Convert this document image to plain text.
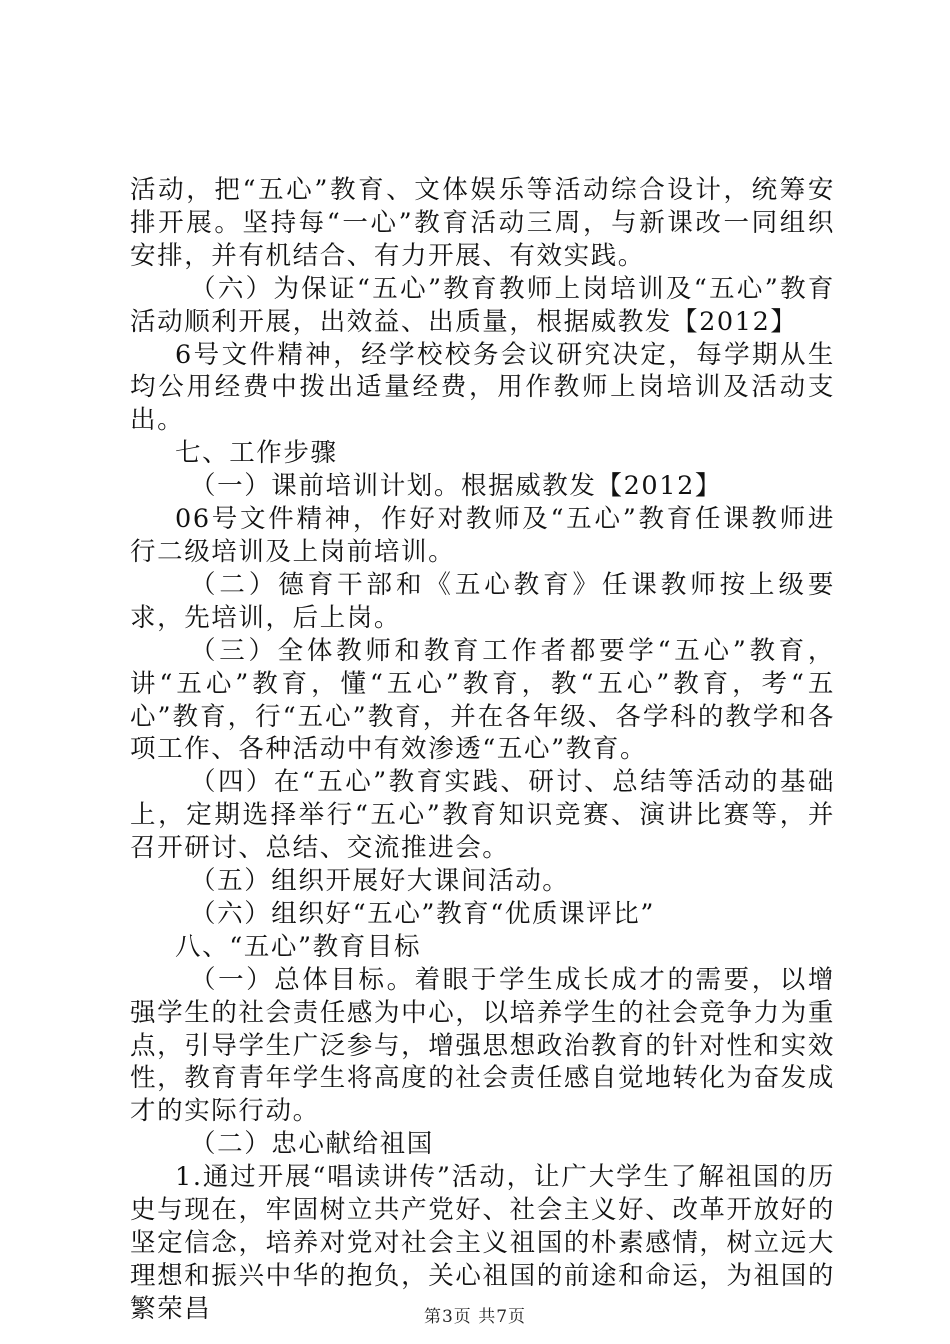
活动，把“五心”教育、文体娱乐等活动综合设计，统筹安排开展。坚持每“一心”教育活动三周，与新课改一同组织安排，并有机结合、有力开展、有效实践。

（六）为保证“五心”教育教师上岗培训及“五心”教育活动顺利开展，出效益、出质量，根据威教发【2012】

6号文件精神，经学校校务会议研究决定，每学期从生均公用经费中拨出适量经费，用作教师上岗培训及活动支出。

七、工作步骤

（一）课前培训计划。根据威教发【2012】

06号文件精神，作好对教师及“五心”教育任课教师进行二级培训及上岗前培训。

（二）德育干部和《五心教育》任课教师按上级要求，先培训，后上岗。

（三）全体教师和教育工作者都要学“五心”教育，讲“五心”教育，懂“五心”教育，教“五心”教育，考“五心”教育，行“五心”教育，并在各年级、各学科的教学和各项工作、各种活动中有效渗透“五心”教育。

（四）在“五心”教育实践、研讨、总结等活动的基础上，定期选择举行“五心”教育知识竞赛、演讲比赛等，并召开研讨、总结、交流推进会。

（五）组织开展好大课间活动。

（六）组织好“五心”教育“优质课评比”

八、“五心”教育目标

（一）总体目标。着眼于学生成长成才的需要，以增强学生的社会责任感为中心，以培养学生的社会竞争力为重点，引导学生广泛参与，增强思想政治教育的针对性和实效性，教育青年学生将高度的社会责任感自觉地转化为奋发成才的实际行动。

（二）忠心献给祖国

1.通过开展“唱读讲传”活动，让广大学生了解祖国的历史与现在，牢固树立共产党好、社会主义好、改革开放好的坚定信念，培养对党对社会主义祖国的朴素感情，树立远大理想和振兴中华的抱负，关心祖国的前途和命运，为祖国的繁荣昌	第3页 共7页
